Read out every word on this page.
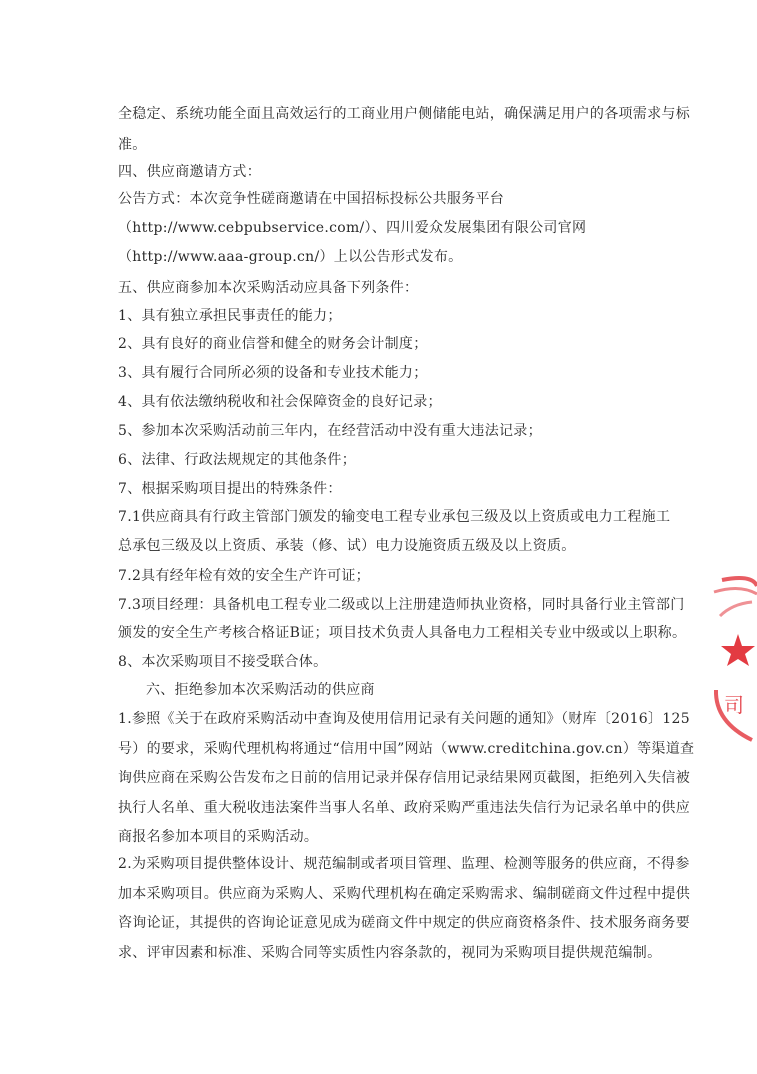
全稳定、系统功能全面且高效运行的工商业用户侧储能电站，确保满足用户的各项需求与标
准。
四、供应商邀请方式：
公告方式：本次竞争性磋商邀请在中国招标投标公共服务平台
（http://www.cebpubservice.com/）、四川爱众发展集团有限公司官网
（http://www.aaa-group.cn/）上以公告形式发布。
五、供应商参加本次采购活动应具备下列条件：
1、具有独立承担民事责任的能力；
2、具有良好的商业信誉和健全的财务会计制度；
3、具有履行合同所必须的设备和专业技术能力；
4、具有依法缴纳税收和社会保障资金的良好记录；
5、参加本次采购活动前三年内，在经营活动中没有重大违法记录；
6、法律、行政法规规定的其他条件；
7、根据采购项目提出的特殊条件：
7.1供应商具有行政主管部门颁发的输变电工程专业承包三级及以上资质或电力工程施工
总承包三级及以上资质、承装（修、试）电力设施资质五级及以上资质。
7.2具有经年检有效的安全生产许可证；
7.3项目经理：具备机电工程专业二级或以上注册建造师执业资格，同时具备行业主管部门
颁发的安全生产考核合格证B证；项目技术负责人具备电力工程相关专业中级或以上职称。
8、本次采购项目不接受联合体。
六、拒绝参加本次采购活动的供应商
1.参照《关于在政府采购活动中查询及使用信用记录有关问题的通知》（财库〔2016〕125
号）的要求，采购代理机构将通过“信用中国”网站（www.creditchina.gov.cn）等渠道查
询供应商在采购公告发布之日前的信用记录并保存信用记录结果网页截图，拒绝列入失信被
执行人名单、重大税收违法案件当事人名单、政府采购严重违法失信行为记录名单中的供应
商报名参加本项目的采购活动。
2.为采购项目提供整体设计、规范编制或者项目管理、监理、检测等服务的供应商，不得参
加本采购项目。供应商为采购人、采购代理机构在确定采购需求、编制磋商文件过程中提供
咨询论证，其提供的咨询论证意见成为磋商文件中规定的供应商资格条件、技术服务商务要
求、评审因素和标准、采购合同等实质性内容条款的，视同为采购项目提供规范编制。
司
